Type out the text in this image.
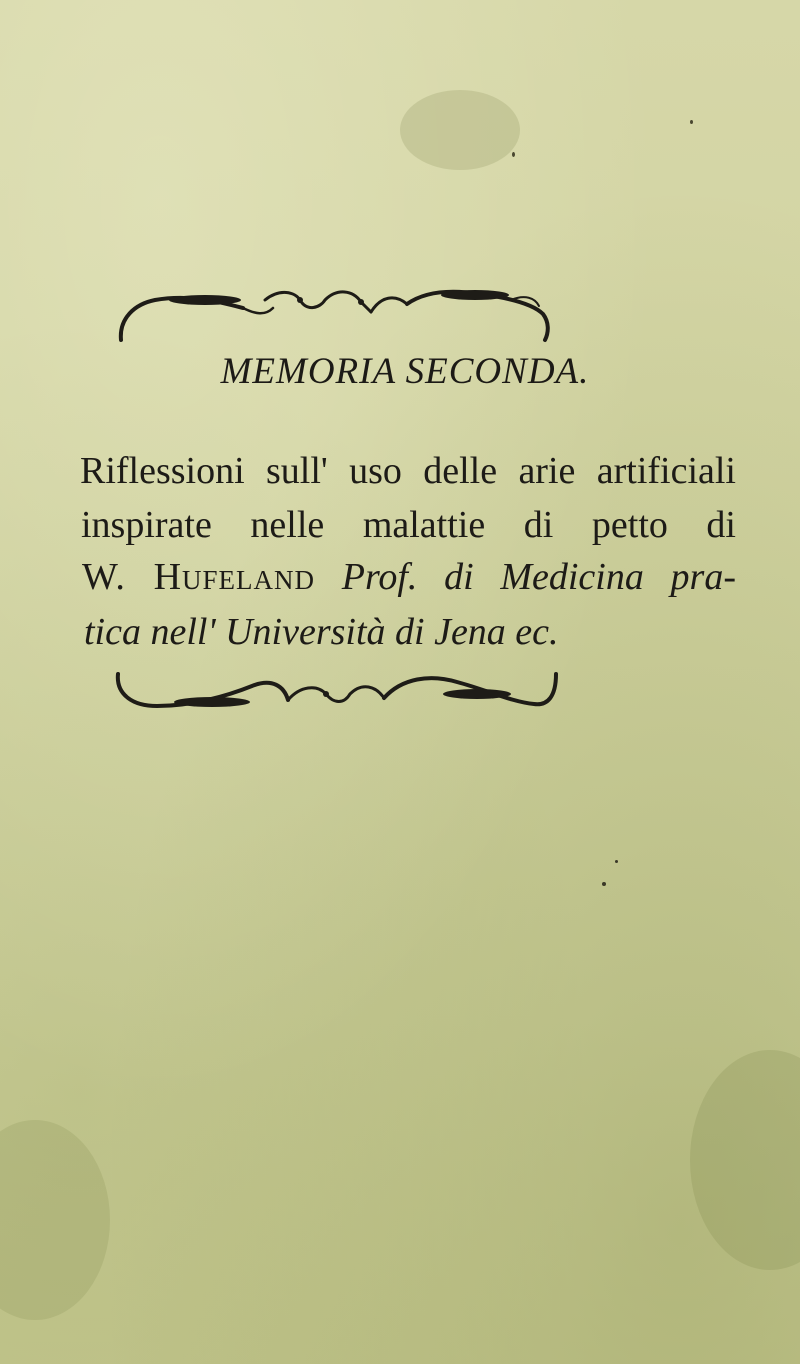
MEMORIA SECONDA.
Riflessioni sull' uso delle arie artificiali
inspirate nelle malattie di petto di
W. Hufeland Prof. di Medicina pra-
tica nell' Università di Jena ec.
